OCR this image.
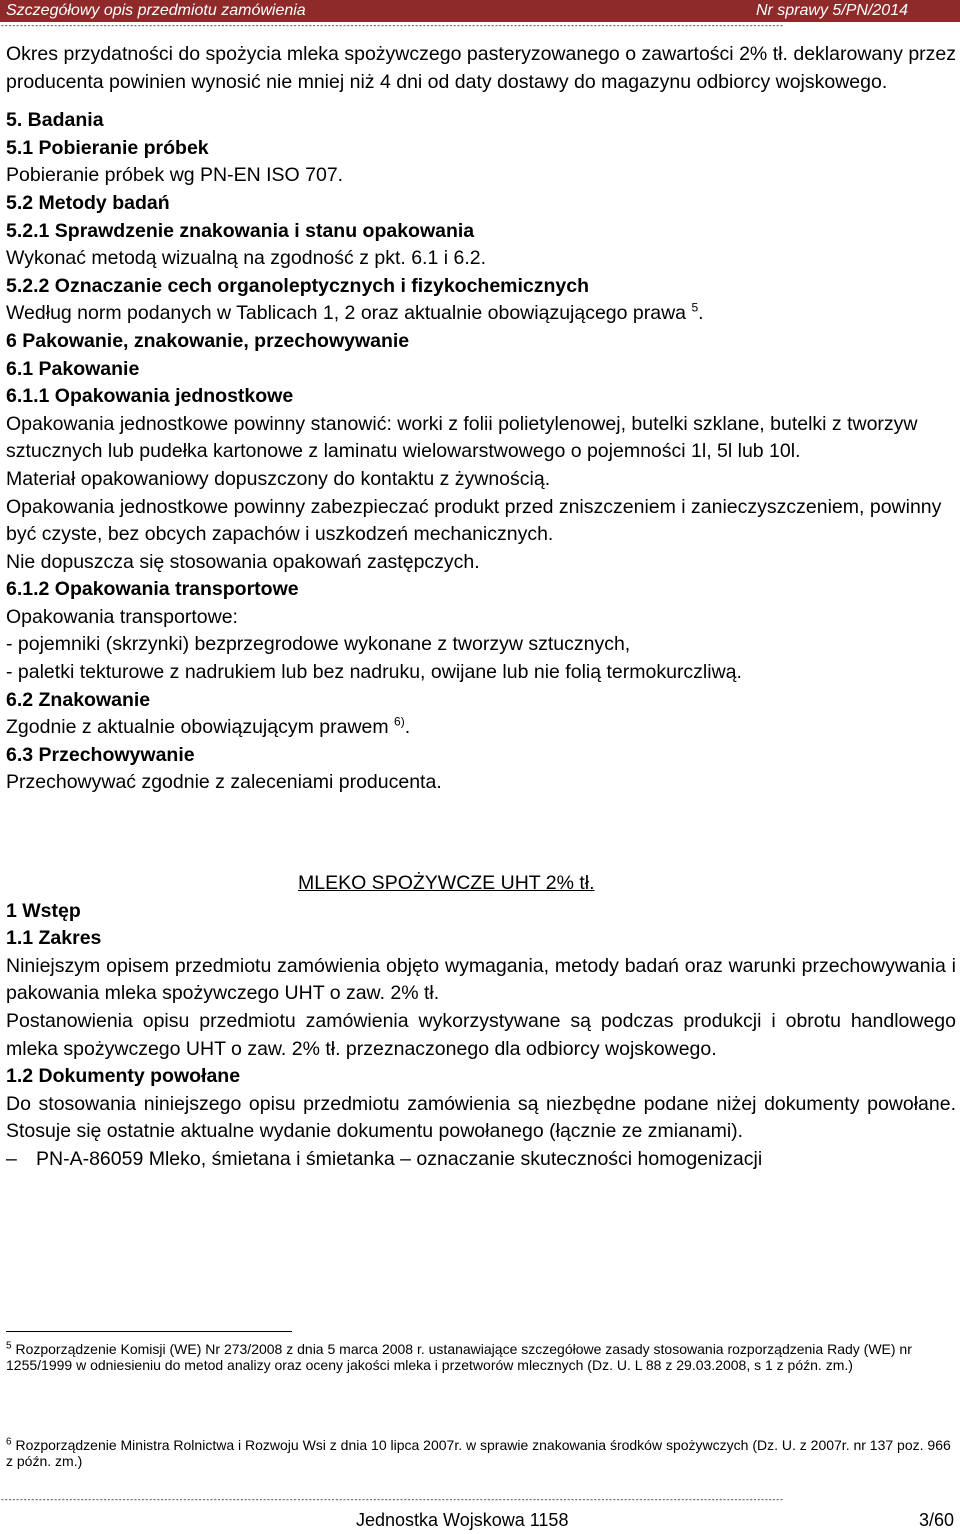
Szczegółowy opis przedmiotu zamówienia	Nr sprawy 5/PN/2014
--------------------------------------------------------------------------------------------------------------------------------------------------------------------------------------------------------------

Okres przydatności do spożycia mleka spożywczego pasteryzowanego o zawartości 2% tł. deklarowany przez producenta powinien wynosić nie mniej niż 4 dni od daty dostawy do magazynu odbiorcy wojskowego.

5. Badania

5.1 Pobieranie próbek

Pobieranie próbek wg PN-EN ISO 707.

5.2 Metody badań

5.2.1 Sprawdzenie znakowania i stanu opakowania

Wykonać metodą wizualną na zgodność z pkt. 6.1 i 6.2.

5.2.2 Oznaczanie cech organoleptycznych i fizykochemicznych

Według norm podanych w Tablicach 1, 2 oraz aktualnie obowiązującego prawa $^5$.

6 Pakowanie, znakowanie, przechowywanie

6.1 Pakowanie

6.1.1 Opakowania jednostkowe

Opakowania jednostkowe powinny stanowić: worki z folii polietylenowej, butelki szklane, butelki z tworzyw sztucznych lub pudełka kartonowe z laminatu wielowarstwowego o pojemności 1l, 5l lub 10l.

Materiał opakowaniowy dopuszczony do kontaktu z żywnością.

Opakowania jednostkowe powinny zabezpieczać produkt przed zniszczeniem i zanieczyszczeniem, powinny być czyste, bez obcych zapachów i uszkodzeń mechanicznych.

Nie dopuszcza się stosowania opakowań zastępczych.

6.1.2 Opakowania transportowe

Opakowania transportowe:

- pojemniki (skrzynki) bezprzegrodowe wykonane z tworzyw sztucznych,

- paletki tekturowe z nadrukiem lub bez nadruku, owijane lub nie folią termokurczliwą.

6.2 Znakowanie

Zgodnie z aktualnie obowiązującym prawem $^{6)}$.

6.3 Przechowywanie

Przechowywać zgodnie z zaleceniami producenta.

MLEKO SPOŻYWCZE UHT 2% tł.

1 Wstęp

1.1 Zakres

Niniejszym opisem przedmiotu zamówienia objęto wymagania, metody badań oraz warunki przechowywania i pakowania mleka spożywczego UHT o zaw. 2% tł.

Postanowienia opisu przedmiotu zamówienia wykorzystywane są podczas produkcji i obrotu handlowego mleka spożywczego UHT o zaw. 2% tł. przeznaczonego dla odbiorcy wojskowego.

1.2 Dokumenty powołane

Do stosowania niniejszego opisu przedmiotu zamówienia są niezbędne podane niżej dokumenty powołane. Stosuje się ostatnie aktualne wydanie dokumentu powołanego (łącznie ze zmianami).

– PN-A-86059 Mleko, śmietana i śmietanka – oznaczanie skuteczności homogenizacji

$^5$ Rozporządzenie Komisji (WE) Nr 273/2008 z dnia 5 marca 2008 r. ustanawiające szczegółowe zasady stosowania rozporządzenia Rady (WE) nr 1255/1999 w odniesieniu do metod analizy oraz oceny jakości mleka i przetworów mlecznych (Dz. U. L 88 z 29.03.2008, s 1 z późn. zm.)
$^6$ Rozporządzenie Ministra Rolnictwa i Rozwoju Wsi z dnia 10 lipca 2007r. w sprawie znakowania środków spożywczych (Dz. U. z 2007r. nr 137 poz. 966 z późn. zm.)
--------------------------------------------------------------------------------------------------------------------------------------------------------------------------------------------------------------
Jednostka Wojskowa 1158	3/60
